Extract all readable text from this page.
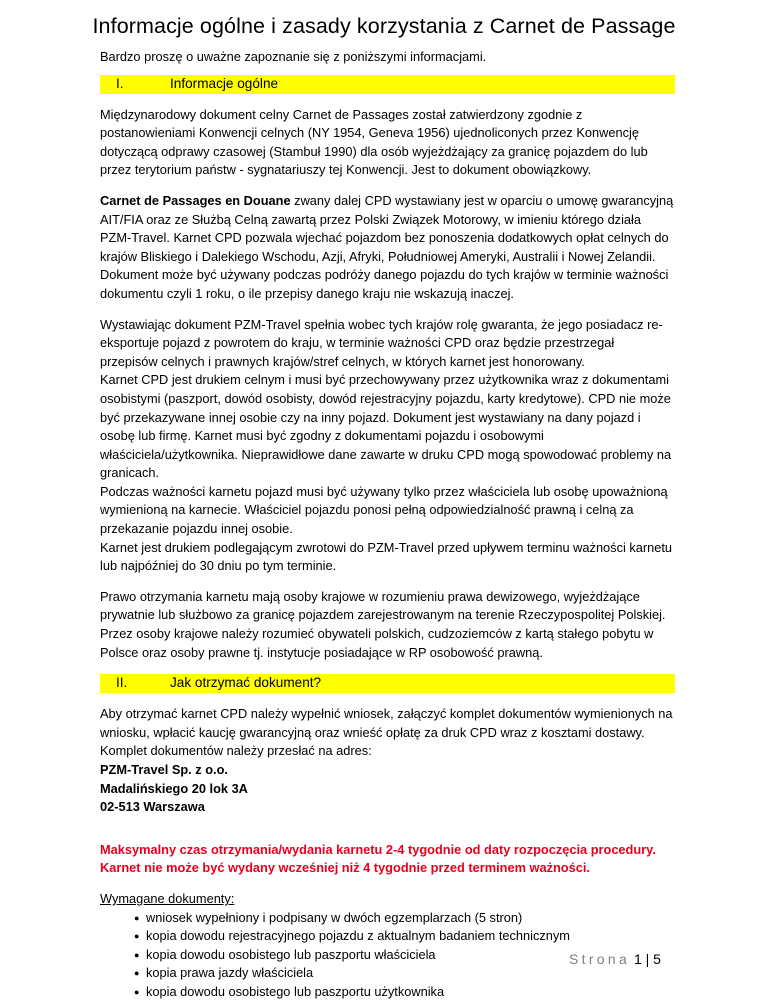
Informacje ogólne i zasady korzystania z Carnet de Passage

Bardzo proszę o uważne zapoznanie się z poniższymi informacjami.

I.	Informacje ogólne

Międzynarodowy dokument celny Carnet de Passages został zatwierdzony zgodnie z postanowieniami Konwencji celnych (NY 1954, Geneva 1956) ujednoliconych przez Konwencję dotyczącą odprawy czasowej (Stambuł 1990) dla osób wyjeżdżający za granicę pojazdem do lub przez terytorium państw - sygnatariuszy tej Konwencji. Jest to dokument obowiązkowy.

Carnet de Passages en Douane zwany dalej CPD wystawiany jest w oparciu o umowę gwarancyjną AIT/FIA oraz ze Służbą Celną zawartą przez Polski Związek Motorowy, w imieniu którego działa PZM-Travel. Karnet CPD pozwala wjechać pojazdom bez ponoszenia dodatkowych opłat celnych do krajów Bliskiego i Dalekiego Wschodu, Azji, Afryki, Południowej Ameryki, Australii i Nowej Zelandii. Dokument może być używany podczas podróży danego pojazdu do tych krajów w terminie ważności dokumentu czyli 1 roku, o ile przepisy danego kraju nie wskazują inaczej.

Wystawiając dokument PZM-Travel spełnia wobec tych krajów rolę gwaranta, że jego posiadacz re-eksportuje pojazd z powrotem do kraju, w terminie ważności CPD oraz będzie przestrzegał przepisów celnych i prawnych krajów/stref celnych, w których karnet jest honorowany.

Karnet CPD jest drukiem celnym i musi być przechowywany przez użytkownika wraz z dokumentami osobistymi (paszport, dowód osobisty, dowód rejestracyjny pojazdu, karty kredytowe). CPD nie może być przekazywane innej osobie czy na inny pojazd. Dokument jest wystawiany na dany pojazd i osobę lub firmę. Karnet musi być zgodny z dokumentami pojazdu i osobowymi właściciela/użytkownika. Nieprawidłowe dane zawarte w druku CPD mogą spowodować problemy na granicach.

Podczas ważności karnetu pojazd musi być używany tylko przez właściciela lub osobę upoważnioną wymienioną na karnecie. Właściciel pojazdu ponosi pełną odpowiedzialność prawną i celną za przekazanie pojazdu innej osobie.

Karnet jest drukiem podlegającym zwrotowi do PZM-Travel przed upływem terminu ważności karnetu lub najpóźniej do 30 dniu po tym terminie.

Prawo otrzymania karnetu mają osoby krajowe w rozumieniu prawa dewizowego, wyjeżdżające prywatnie lub służbowo za granicę pojazdem zarejestrowanym na terenie Rzeczypospolitej Polskiej. Przez osoby krajowe należy rozumieć obywateli polskich, cudzoziemców z kartą stałego pobytu w Polsce oraz osoby prawne tj. instytucje posiadające w RP osobowość prawną.

II.	Jak otrzymać dokument?

Aby otrzymać karnet CPD należy wypełnić wniosek, załączyć komplet dokumentów wymienionych na wniosku, wpłacić kaucję gwarancyjną oraz wnieść opłatę za druk CPD wraz z kosztami dostawy. Komplet dokumentów należy przesłać na adres:

PZM-Travel Sp. z o.o.

Madalińskiego 20 lok 3A

02-513 Warszawa

Maksymalny czas otrzymania/wydania karnetu 2-4 tygodnie od daty rozpoczęcia procedury.

Karnet nie może być wydany wcześniej niż 4 tygodnie przed terminem ważności.

Wymagane dokumenty:

● wniosek wypełniony i podpisany w dwóch egzemplarzach (5 stron)
● kopia dowodu rejestracyjnego pojazdu z aktualnym badaniem technicznym
● kopia dowodu osobistego lub paszportu właściciela
● kopia prawa jazdy właściciela
● kopia dowodu osobistego lub paszportu użytkownika
Strona 1 | 5
